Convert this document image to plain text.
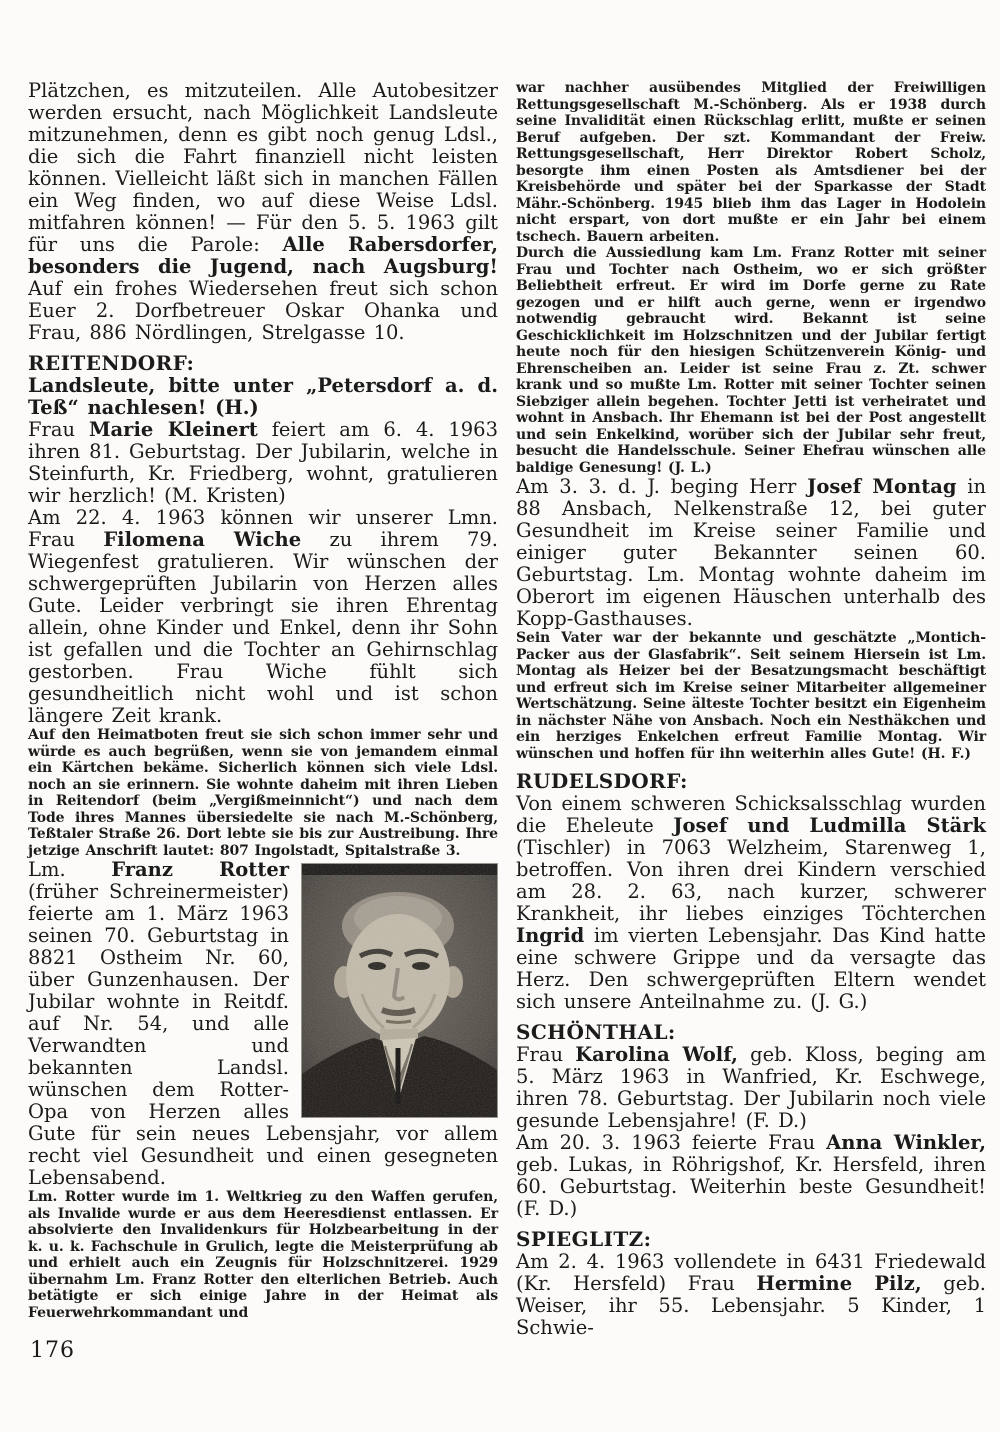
Plätzchen, es mitzuteilen. Alle Autobesitzer werden ersucht, nach Möglichkeit Landsleute mitzunehmen, denn es gibt noch genug Ldsl., die sich die Fahrt finanziell nicht leisten können. Vielleicht läßt sich in manchen Fällen ein Weg finden, wo auf diese Weise Ldsl. mitfahren können! — Für den 5. 5. 1963 gilt für uns die Parole: Alle Rabersdorfer, besonders die Jugend, nach Augsburg! Auf ein frohes Wiedersehen freut sich schon Euer 2. Dorfbetreuer Oskar Ohanka und Frau, 886 Nördlingen, Strelgasse 10.

REITENDORF:

Landsleute, bitte unter „Petersdorf a. d. Teß“ nachlesen! (H.)

Frau Marie Kleinert feiert am 6. 4. 1963 ihren 81. Geburtstag. Der Jubilarin, welche in Steinfurth, Kr. Friedberg, wohnt, gratulieren wir herzlich! (M. Kristen)

Am 22. 4. 1963 können wir unserer Lmn. Frau Filomena Wiche zu ihrem 79. Wiegenfest gratulieren. Wir wünschen der schwergeprüften Jubilarin von Herzen alles Gute. Leider verbringt sie ihren Ehrentag allein, ohne Kinder und Enkel, denn ihr Sohn ist gefallen und die Tochter an Gehirnschlag gestorben. Frau Wiche fühlt sich gesundheitlich nicht wohl und ist schon längere Zeit krank.

Auf den Heimatboten freut sie sich schon immer sehr und würde es auch begrüßen, wenn sie von jemandem einmal ein Kärtchen bekäme. Sicherlich können sich viele Ldsl. noch an sie erinnern. Sie wohnte daheim mit ihren Lieben in Reitendorf (beim „Vergißmeinnicht“) und nach dem Tode ihres Mannes übersiedelte sie nach M.-Schönberg, Teßtaler Straße 26. Dort lebte sie bis zur Austreibung. Ihre jetzige Anschrift lautet: 807 Ingolstadt, Spitalstraße 3.

Lm. Franz Rotter (früher Schreinermeister) feierte am 1. März 1963 seinen 70. Geburtstag in 8821 Ostheim Nr. 60, über Gunzenhausen. Der Jubilar wohnte in Reitdf. auf Nr. 54, und alle Verwandten und bekannten Landsl. wünschen dem Rotter-Opa von Herzen alles Gute für sein neues Lebensjahr, vor allem recht viel Gesundheit und einen gesegneten Lebensabend.

Lm. Rotter wurde im 1. Weltkrieg zu den Waffen gerufen, als Invalide wurde er aus dem Heeresdienst entlassen. Er absolvierte den Invalidenkurs für Holzbearbeitung in der k. u. k. Fachschule in Grulich, legte die Meisterprüfung ab und erhielt auch ein Zeugnis für Holzschnitzerei. 1929 übernahm Lm. Franz Rotter den elterlichen Betrieb. Auch betätigte er sich einige Jahre in der Heimat als Feuerwehrkommandant und

war nachher ausübendes Mitglied der Freiwilligen Rettungsgesellschaft M.-Schönberg. Als er 1938 durch seine Invalidität einen Rückschlag erlitt, mußte er seinen Beruf aufgeben. Der szt. Kommandant der Freiw. Rettungsgesellschaft, Herr Direktor Robert Scholz, besorgte ihm einen Posten als Amtsdiener bei der Kreisbehörde und später bei der Sparkasse der Stadt Mähr.-Schönberg. 1945 blieb ihm das Lager in Hodolein nicht erspart, von dort mußte er ein Jahr bei einem tschech. Bauern arbeiten.

Durch die Aussiedlung kam Lm. Franz Rotter mit seiner Frau und Tochter nach Ostheim, wo er sich größter Beliebtheit erfreut. Er wird im Dorfe gerne zu Rate gezogen und er hilft auch gerne, wenn er irgendwo notwendig gebraucht wird. Bekannt ist seine Geschicklichkeit im Holzschnitzen und der Jubilar fertigt heute noch für den hiesigen Schützenverein König- und Ehrenscheiben an. Leider ist seine Frau z. Zt. schwer krank und so mußte Lm. Rotter mit seiner Tochter seinen Siebziger allein begehen. Tochter Jetti ist verheiratet und wohnt in Ansbach. Ihr Ehemann ist bei der Post angestellt und sein Enkelkind, worüber sich der Jubilar sehr freut, besucht die Handelsschule. Seiner Ehefrau wünschen alle baldige Genesung! (J. L.)

Am 3. 3. d. J. beging Herr Josef Montag in 88 Ansbach, Nelkenstraße 12, bei guter Gesundheit im Kreise seiner Familie und einiger guter Bekannter seinen 60. Geburtstag. Lm. Montag wohnte daheim im Oberort im eigenen Häuschen unterhalb des Kopp-Gasthauses.

Sein Vater war der bekannte und geschätzte „Montich-Packer aus der Glasfabrik“. Seit seinem Hiersein ist Lm. Montag als Heizer bei der Besatzungsmacht beschäftigt und erfreut sich im Kreise seiner Mitarbeiter allgemeiner Wertschätzung. Seine älteste Tochter besitzt ein Eigenheim in nächster Nähe von Ansbach. Noch ein Nesthäkchen und ein herziges Enkelchen erfreut Familie Montag. Wir wünschen und hoffen für ihn weiterhin alles Gute! (H. F.)

RUDELSDORF:

Von einem schweren Schicksalsschlag wurden die Eheleute Josef und Ludmilla Stärk (Tischler) in 7063 Welzheim, Starenweg 1, betroffen. Von ihren drei Kindern verschied am 28. 2. 63, nach kurzer, schwerer Krankheit, ihr liebes einziges Töchterchen Ingrid im vierten Lebensjahr. Das Kind hatte eine schwere Grippe und da versagte das Herz. Den schwergeprüften Eltern wendet sich unsere Anteilnahme zu. (J. G.)

SCHÖNTHAL:

Frau Karolina Wolf, geb. Kloss, beging am 5. März 1963 in Wanfried, Kr. Eschwege, ihren 78. Geburtstag. Der Jubilarin noch viele gesunde Lebensjahre! (F. D.)

Am 20. 3. 1963 feierte Frau Anna Winkler, geb. Lukas, in Röhrigshof, Kr. Hersfeld, ihren 60. Geburtstag. Weiterhin beste Gesundheit! (F. D.)

SPIEGLITZ:

Am 2. 4. 1963 vollendete in 6431 Friedewald (Kr. Hersfeld) Frau Hermine Pilz, geb. Weiser, ihr 55. Lebensjahr. 5 Kinder, 1 Schwie-

176
